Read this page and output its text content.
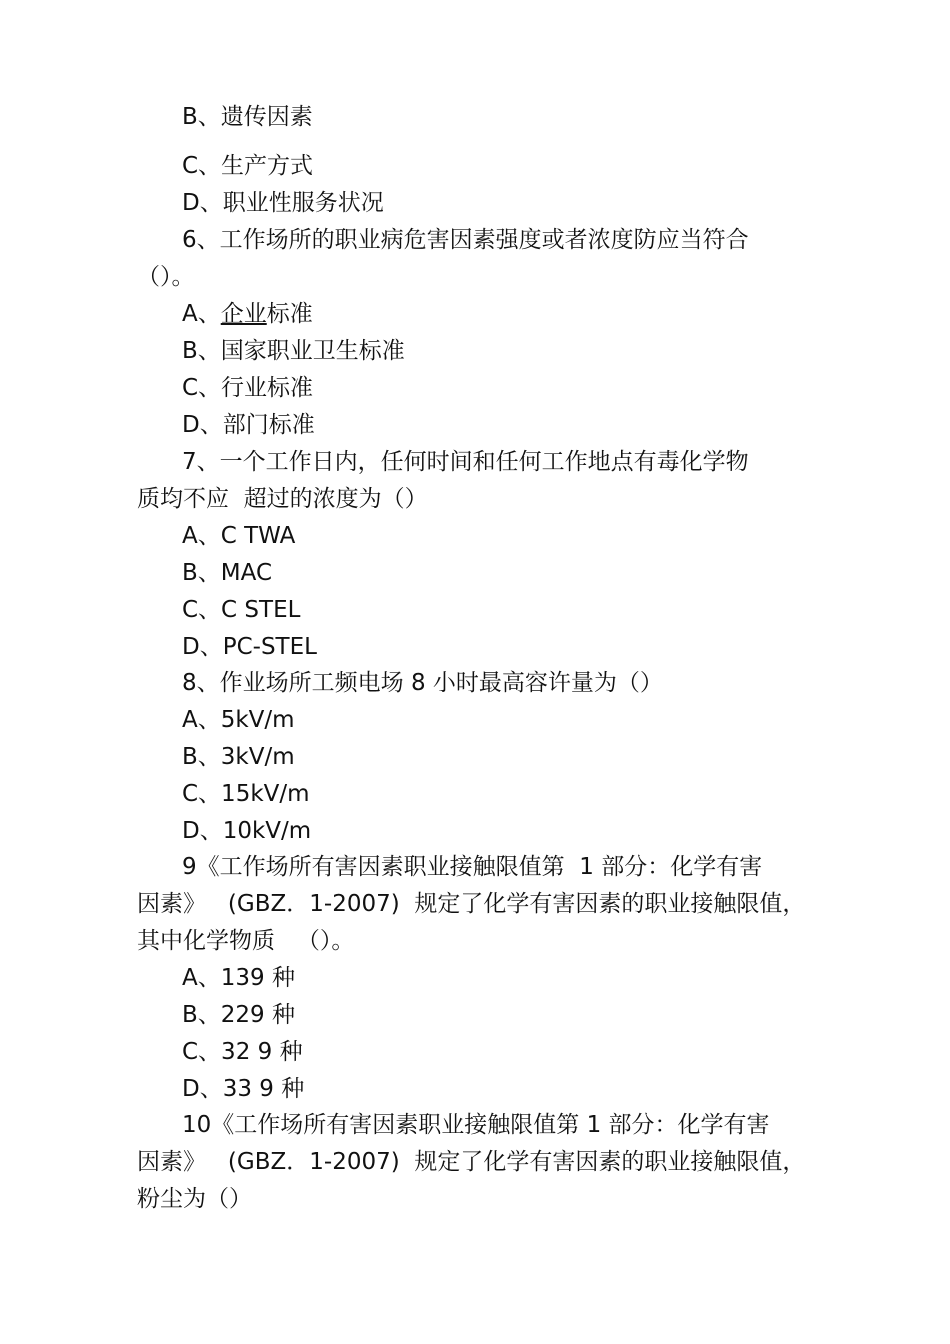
B、遗传因素
C、生产方式
D、职业性服务状况
6、工作场所的职业病危害因素强度或者浓度防应当符合
（）。
A、企业标准
B、国家职业卫生标准
C、行业标准
D、部门标准
7、一个工作日内，任何时间和任何工作地点有毒化学物
质均不应  超过的浓度为（）
A、C TWA
B、MAC
C、C STEL
D、PC-STEL
8、作业场所工频电场 8 小时最高容许量为（）
A、5kV/m
B、3kV/m
C、15kV/m
D、10kV/m
9《工作场所有害因素职业接触限值第  1 部分：化学有害
因素》   (GBZ．1-2007)  规定了化学有害因素的职业接触限值，
其中化学物质   （）。
A、139 种
B、229 种
C、32 9 种
D、33 9 种
10《工作场所有害因素职业接触限值第 1 部分：化学有害
因素》   (GBZ．1-2007)  规定了化学有害因素的职业接触限值，
粉尘为（）
